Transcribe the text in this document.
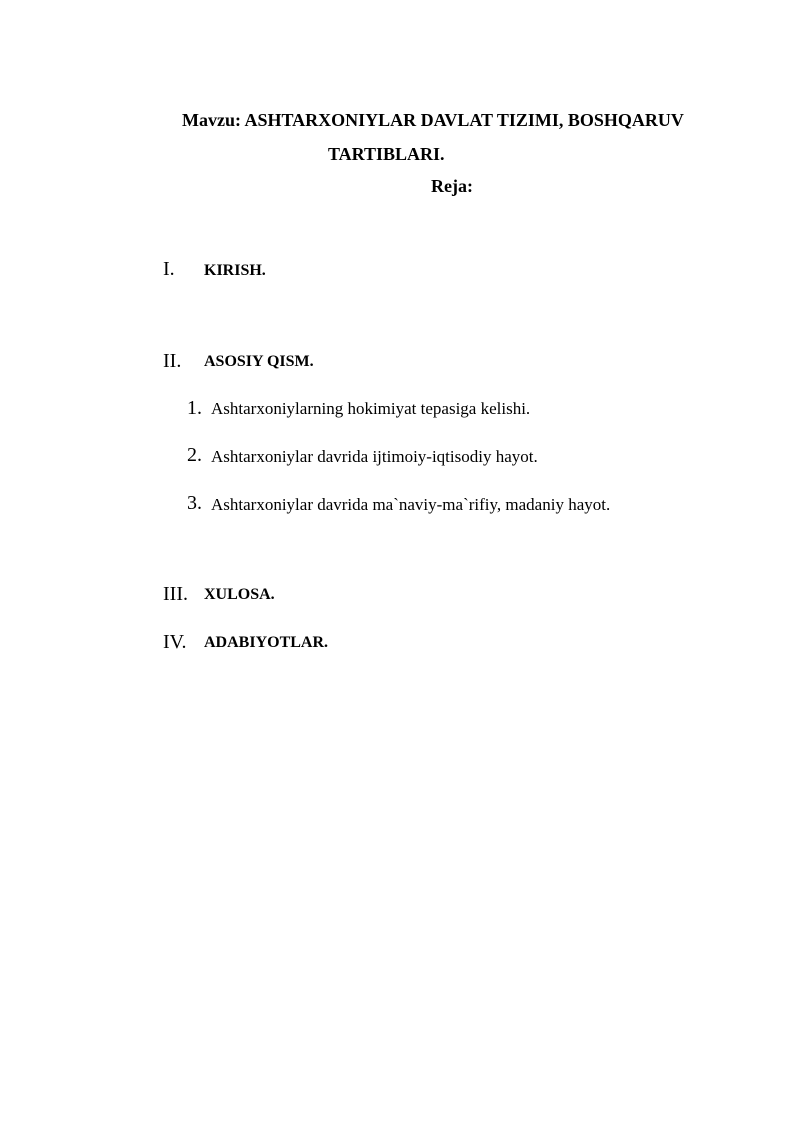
Mavzu: ASHTARXONIYLAR DAVLAT TIZIMI, BOSHQARUV
TARTIBLARI.
Reja:
I. KIRISH.
II. ASOSIY QISM.
1. Ashtarxoniylarning hokimiyat tepasiga kelishi.
2. Ashtarxoniylar davrida ijtimoiy-iqtisodiy hayot.
3. Ashtarxoniylar davrida ma`naviy-ma`rifiy, madaniy hayot.
III. XULOSA.
IV. ADABIYOTLAR.
